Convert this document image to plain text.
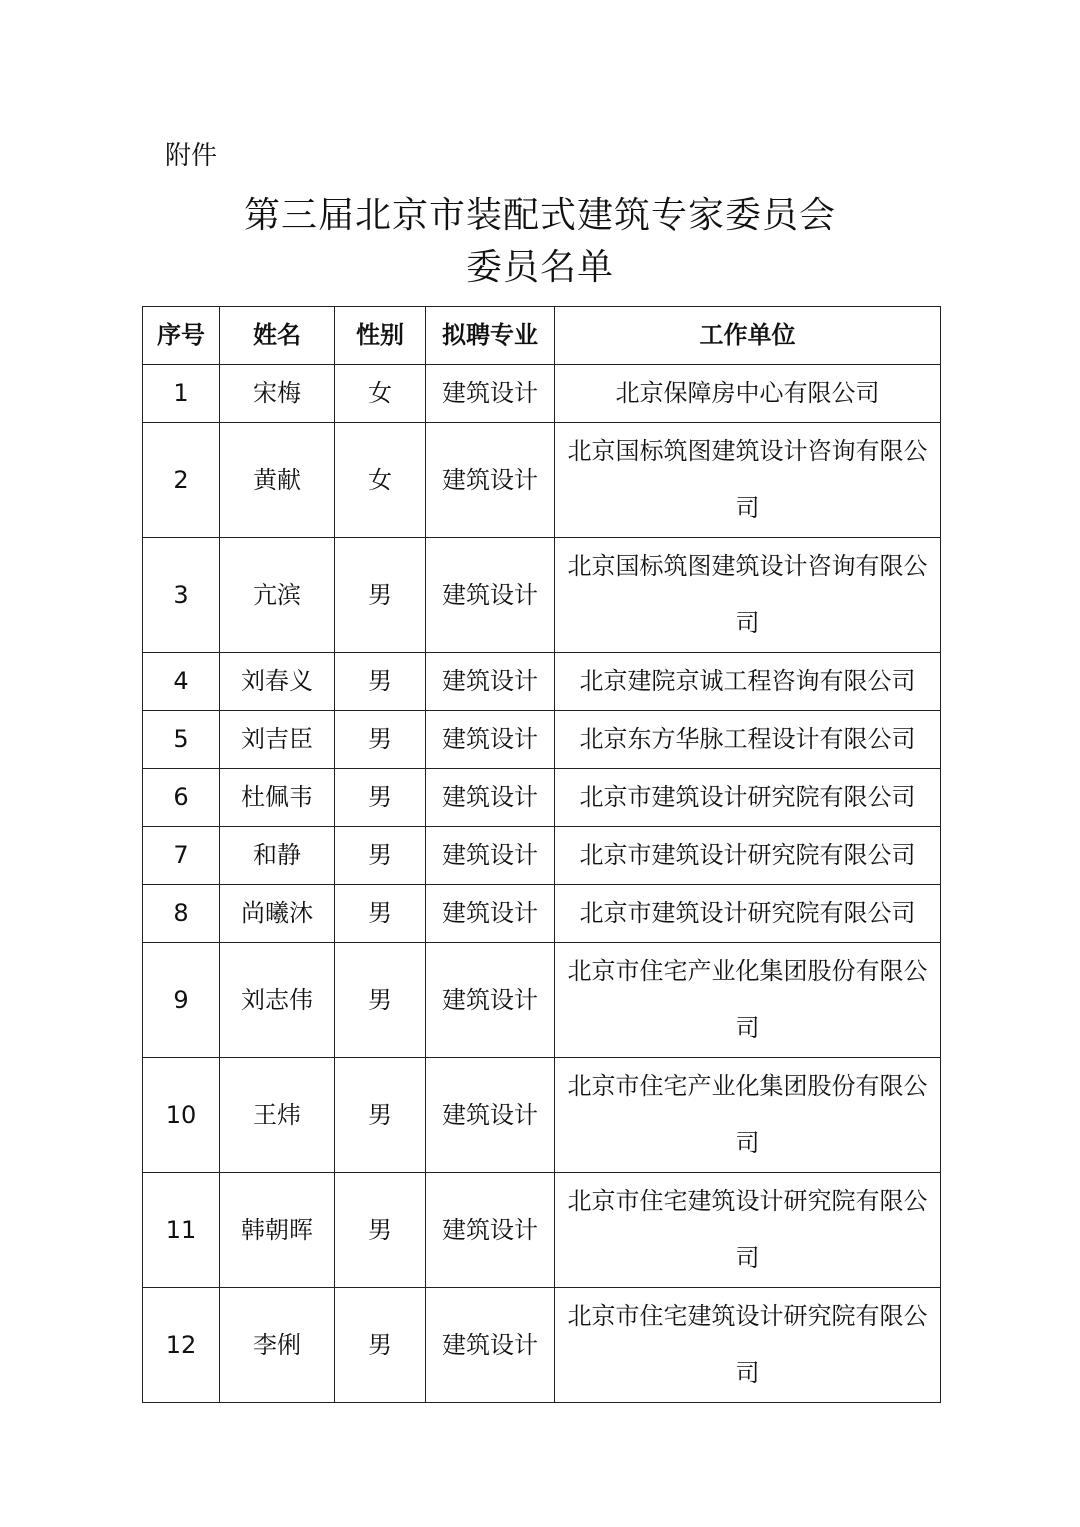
附件

第三届北京市装配式建筑专家委员会
委员名单
序号	姓名	性别	拟聘专业	工作单位
1	宋梅	女	建筑设计	北京保障房中心有限公司
2	黄献	女	建筑设计	北京国标筑图建筑设计咨询有限公司
3	亢滨	男	建筑设计	北京国标筑图建筑设计咨询有限公司
4	刘春义	男	建筑设计	北京建院京诚工程咨询有限公司
5	刘吉臣	男	建筑设计	北京东方华脉工程设计有限公司
6	杜佩韦	男	建筑设计	北京市建筑设计研究院有限公司
7	和静	男	建筑设计	北京市建筑设计研究院有限公司
8	尚曦沐	男	建筑设计	北京市建筑设计研究院有限公司
9	刘志伟	男	建筑设计	北京市住宅产业化集团股份有限公司
10	王炜	男	建筑设计	北京市住宅产业化集团股份有限公司
11	韩朝晖	男	建筑设计	北京市住宅建筑设计研究院有限公司
12	李俐	男	建筑设计	北京市住宅建筑设计研究院有限公司
